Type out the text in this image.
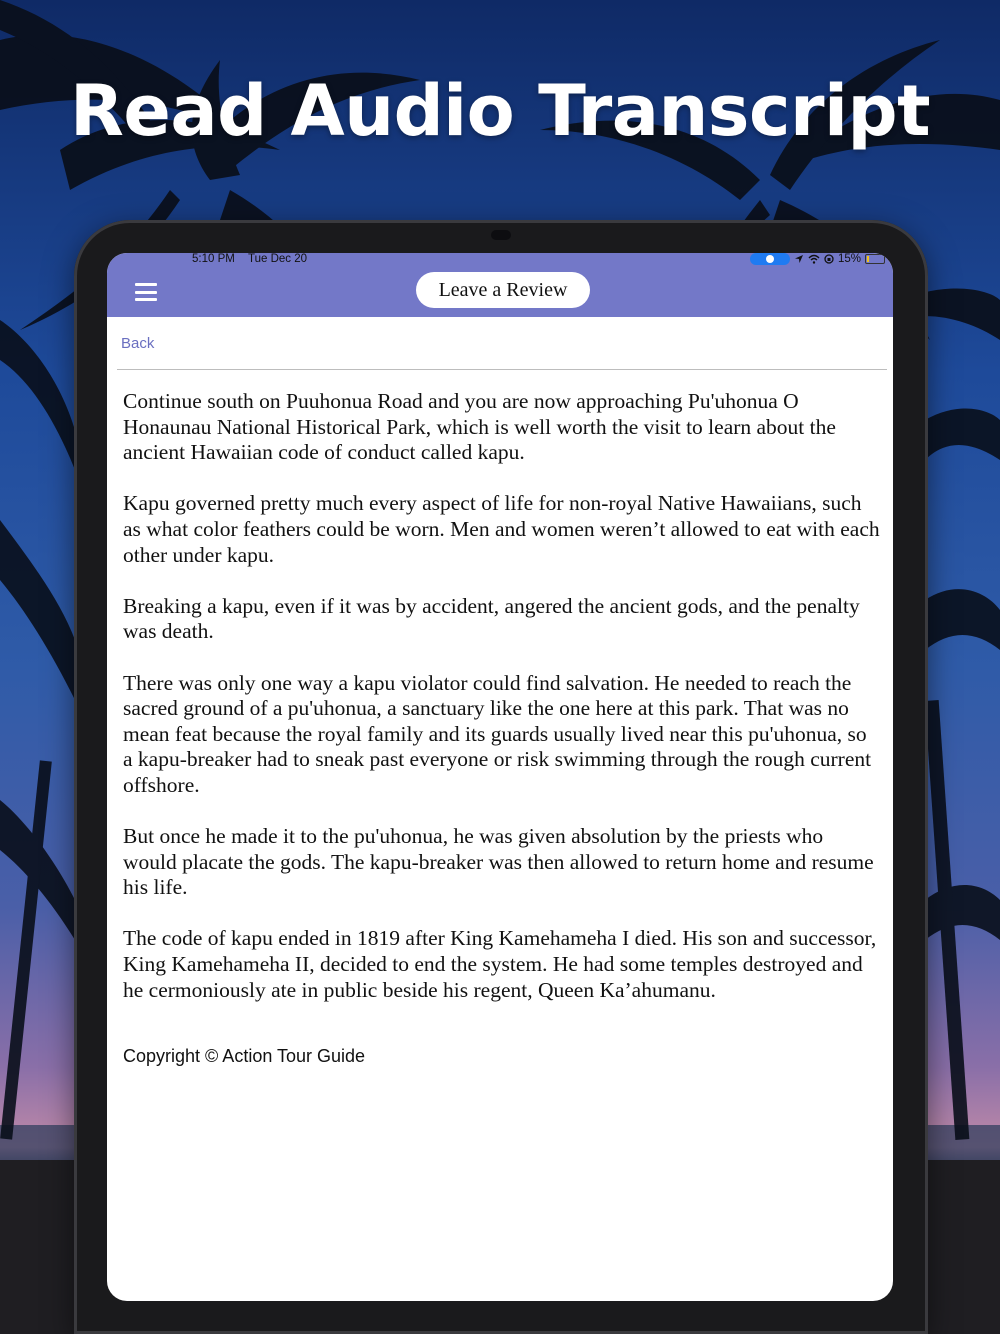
Read Audio Transcript
5:10 PM Tue Dec 20	15%
Leave a Review
Back

Continue south on Puuhonua Road and you are now approaching Pu'uhonua O Honaunau National Historical Park, which is well worth the visit to learn about the ancient Hawaiian code of conduct called kapu.

Kapu governed pretty much every aspect of life for non-royal Native Hawaiians, such as what color feathers could be worn. Men and women weren’t allowed to eat with each other under kapu.

Breaking a kapu, even if it was by accident, angered the ancient gods, and the penalty was death.

There was only one way a kapu violator could find salvation. He needed to reach the sacred ground of a pu'uhonua, a sanctuary like the one here at this park. That was no mean feat because the royal family and its guards usually lived near this pu'uhonua, so a kapu-breaker had to sneak past everyone or risk swimming through the rough current offshore.

But once he made it to the pu'uhonua, he was given absolution by the priests who would placate the gods. The kapu-breaker was then allowed to return home and resume his life.

The code of kapu ended in 1819 after King Kamehameha I died. His son and successor, King Kamehameha II, decided to end the system. He had some temples destroyed and he cermoniously ate in public beside his regent, Queen Ka’ahumanu.

Copyright © Action Tour Guide
